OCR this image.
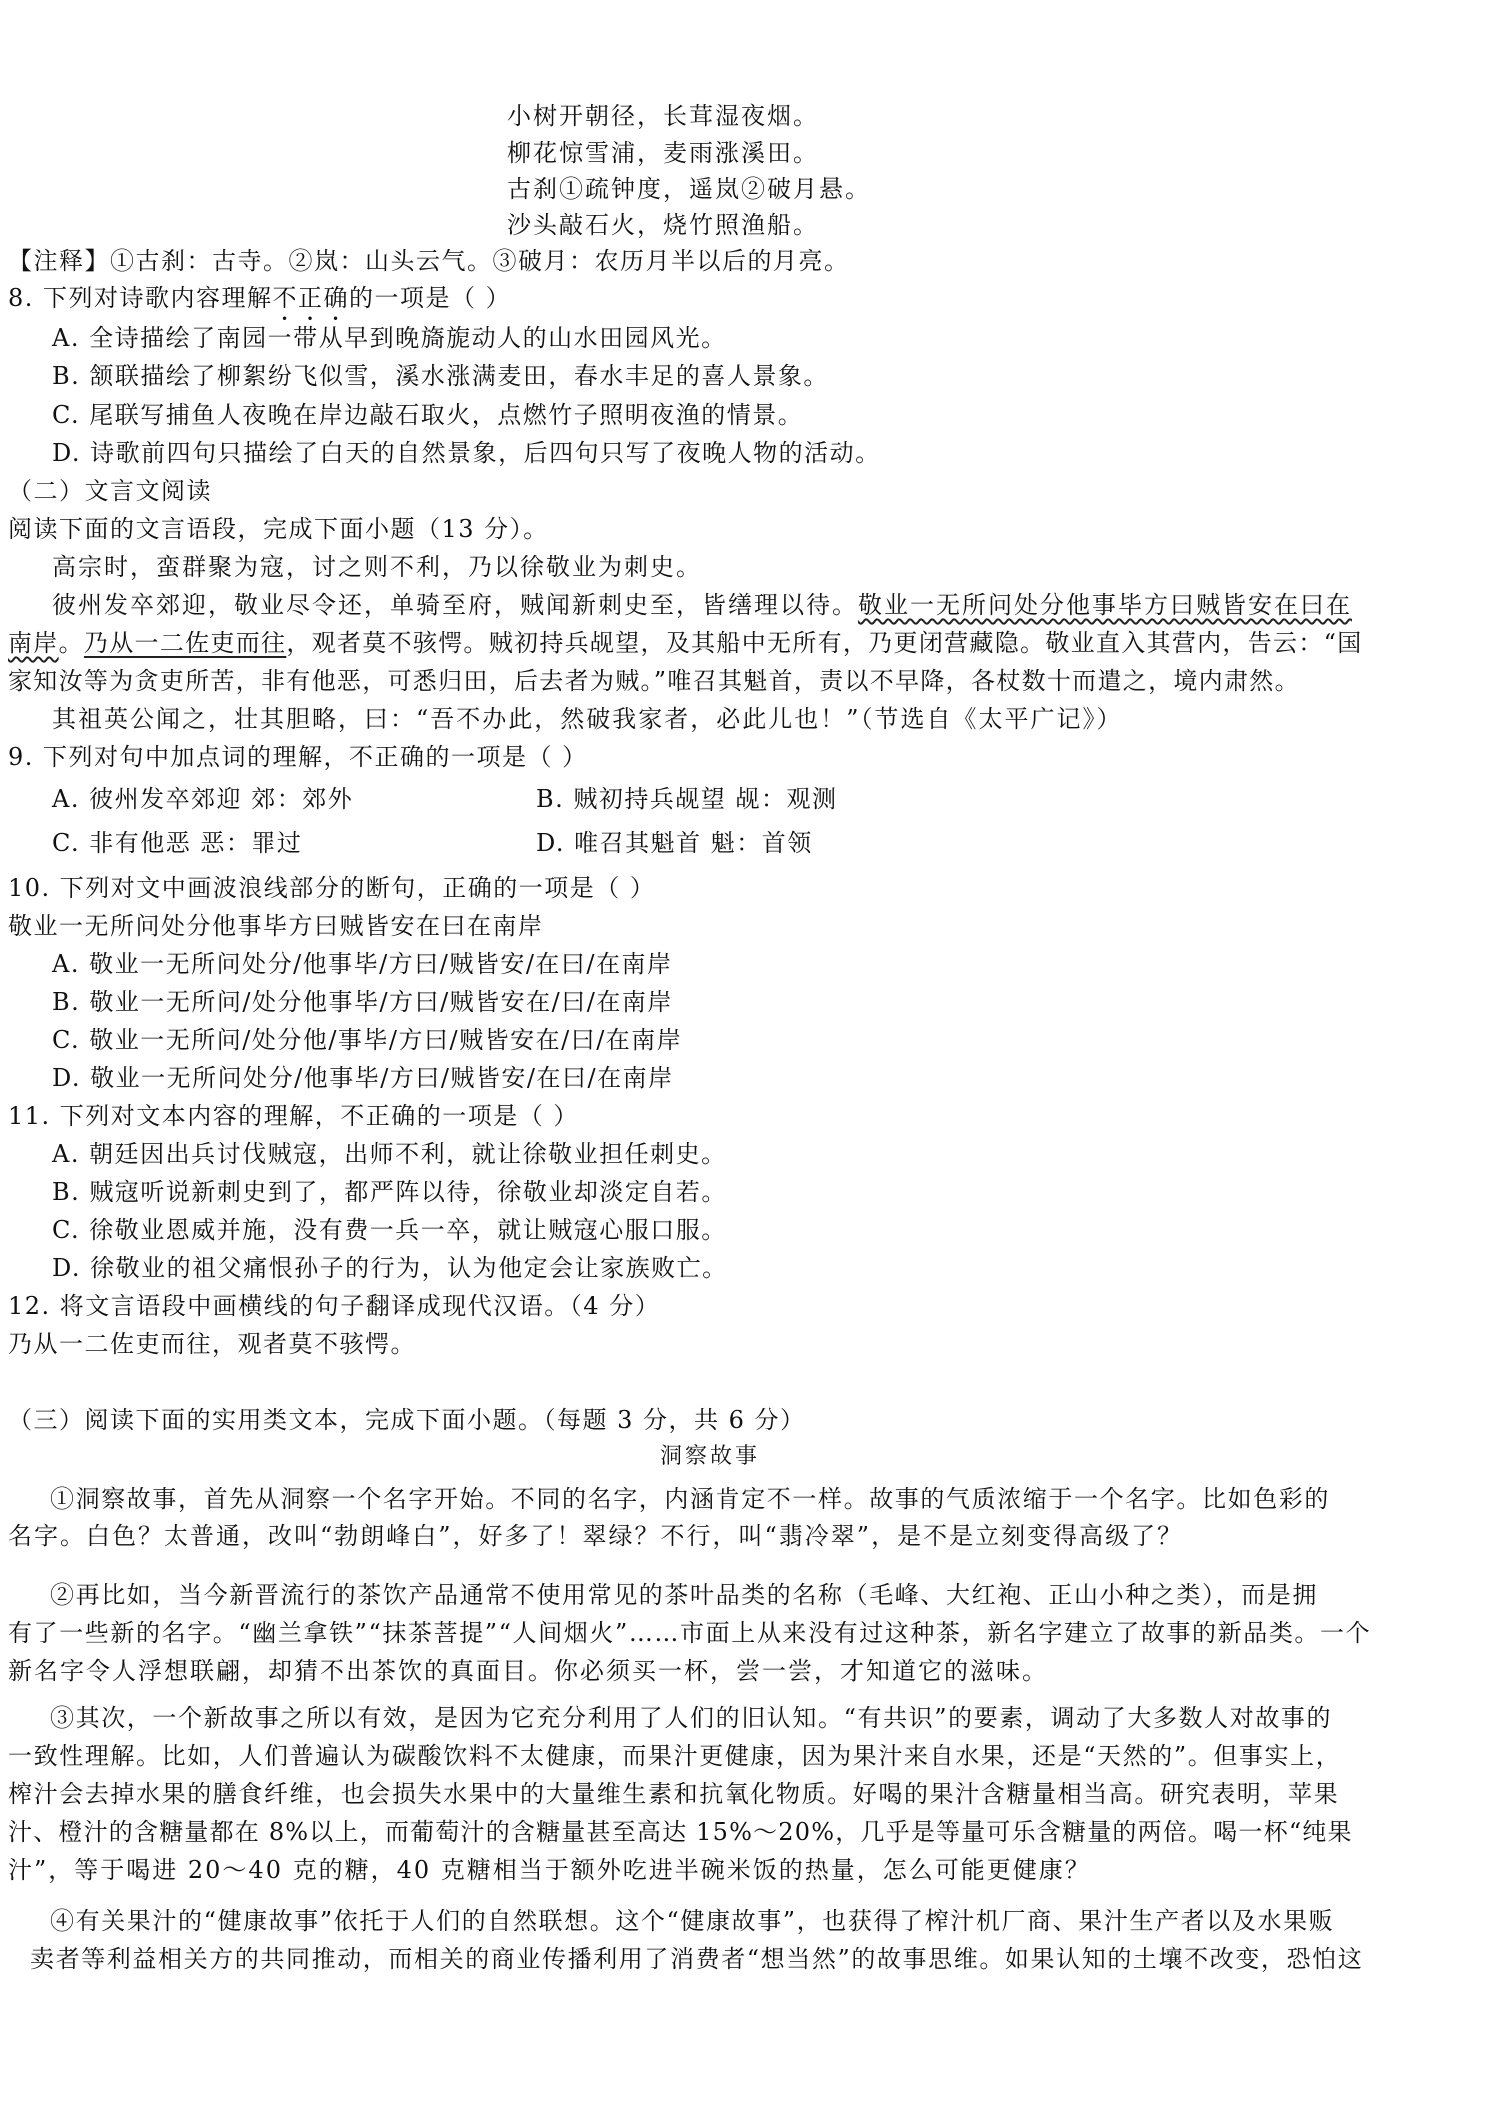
小树开朝径，长茸湿夜烟。
柳花惊雪浦，麦雨涨溪田。
古刹①疏钟度，遥岚②破月悬。
沙头敲石火，烧竹照渔船。
【注释】①古刹：古寺。②岚：山头云气。③破月：农历月半以后的月亮。
8. 下列对诗歌内容理解不正确的一项是（ ）
A. 全诗描绘了南园一带从早到晚旖旎动人的山水田园风光。
B. 颔联描绘了柳絮纷飞似雪，溪水涨满麦田，春水丰足的喜人景象。
C. 尾联写捕鱼人夜晚在岸边敲石取火，点燃竹子照明夜渔的情景。
D. 诗歌前四句只描绘了白天的自然景象，后四句只写了夜晚人物的活动。
（二）文言文阅读
阅读下面的文言语段，完成下面小题（13 分）。
高宗时，蛮群聚为寇，讨之则不利，乃以徐敬业为刺史。
彼州发卒郊迎，敬业尽令还，单骑至府，贼闻新刺史至，皆缮理以待。敬业一无所问处分他事毕方曰贼皆安在曰在
南岸。乃从一二佐吏而往，观者莫不骇愕。贼初持兵觇望，及其船中无所有，乃更闭营藏隐。敬业直入其营内，告云：“国
家知汝等为贪吏所苦，非有他恶，可悉归田，后去者为贼。”唯召其魁首，责以不早降，各杖数十而遣之，境内肃然。
其祖英公闻之，壮其胆略，曰：“吾不办此，然破我家者，必此儿也！”（节选自《太平广记》）
9. 下列对句中加点词的理解，不正确的一项是（ ）
A. 彼州发卒郊迎 郊：郊外	B. 贼初持兵觇望 觇：观测
C. 非有他恶 恶：罪过	D. 唯召其魁首 魁：首领
10. 下列对文中画波浪线部分的断句，正确的一项是（ ）
敬业一无所问处分他事毕方曰贼皆安在曰在南岸
A. 敬业一无所问处分/他事毕/方曰/贼皆安/在曰/在南岸
B. 敬业一无所问/处分他事毕/方曰/贼皆安在/曰/在南岸
C. 敬业一无所问/处分他/事毕/方曰/贼皆安在/曰/在南岸
D. 敬业一无所问处分/他事毕/方曰/贼皆安/在曰/在南岸
11. 下列对文本内容的理解，不正确的一项是（ ）
A. 朝廷因出兵讨伐贼寇，出师不利，就让徐敬业担任刺史。
B. 贼寇听说新刺史到了，都严阵以待，徐敬业却淡定自若。
C. 徐敬业恩威并施，没有费一兵一卒，就让贼寇心服口服。
D. 徐敬业的祖父痛恨孙子的行为，认为他定会让家族败亡。
12. 将文言语段中画横线的句子翻译成现代汉语。（4 分）
乃从一二佐吏而往，观者莫不骇愕。
（三）阅读下面的实用类文本，完成下面小题。（每题 3 分，共 6 分）
洞察故事
①洞察故事，首先从洞察一个名字开始。不同的名字，内涵肯定不一样。故事的气质浓缩于一个名字。比如色彩的
名字。白色？太普通，改叫“勃朗峰白”，好多了！翠绿？不行，叫“翡冷翠”，是不是立刻变得高级了？
②再比如，当今新晋流行的茶饮产品通常不使用常见的茶叶品类的名称（毛峰、大红袍、正山小种之类），而是拥
有了一些新的名字。“幽兰拿铁”“抹茶菩提”“人间烟火”……市面上从来没有过这种茶，新名字建立了故事的新品类。一个
新名字令人浮想联翩，却猜不出茶饮的真面目。你必须买一杯，尝一尝，才知道它的滋味。
③其次，一个新故事之所以有效，是因为它充分利用了人们的旧认知。“有共识”的要素，调动了大多数人对故事的
一致性理解。比如，人们普遍认为碳酸饮料不太健康，而果汁更健康，因为果汁来自水果，还是“天然的”。但事实上，
榨汁会去掉水果的膳食纤维，也会损失水果中的大量维生素和抗氧化物质。好喝的果汁含糖量相当高。研究表明，苹果
汁、橙汁的含糖量都在 8%以上，而葡萄汁的含糖量甚至高达 15%～20%，几乎是等量可乐含糖量的两倍。喝一杯“纯果
汁”，等于喝进 20～40 克的糖，40 克糖相当于额外吃进半碗米饭的热量，怎么可能更健康？
④有关果汁的“健康故事”依托于人们的自然联想。这个“健康故事”，也获得了榨汁机厂商、果汁生产者以及水果贩
卖者等利益相关方的共同推动，而相关的商业传播利用了消费者“想当然”的故事思维。如果认知的土壤不改变，恐怕这
